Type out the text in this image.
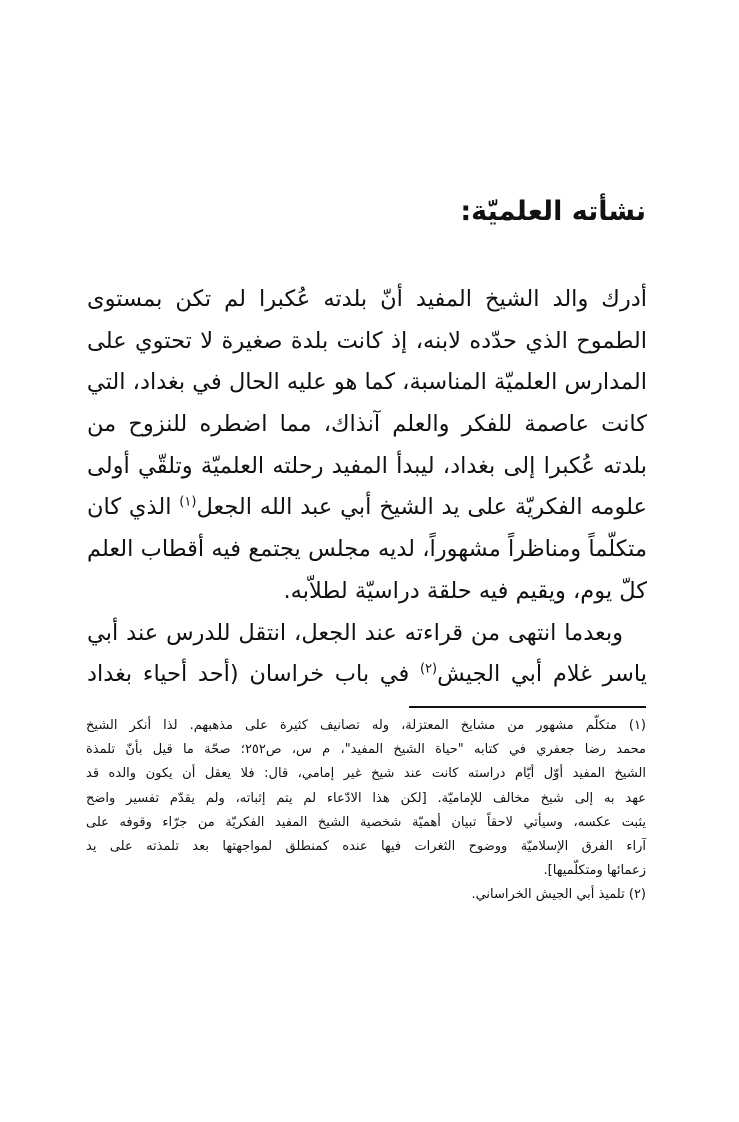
نشأته العلميّة:
أدرك والد الشيخ المفيد أنّ بلدته عُكبرا لم تكن بمستوى
الطموح الذي حدّده لابنه، إذ كانت بلدة صغيرة لا تحتوي على
المدارس العلميّة المناسبة، كما هو عليه الحال في بغداد، التي
كانت عاصمة للفكر والعلم آنذاك، مما اضطره للنزوح من
بلدته عُكبرا إلى بغداد، ليبدأ المفيد رحلته العلميّة وتلقّي أولى
علومه الفكريّة على يد الشيخ أبي عبد الله الجعل$^{(١)}$ الذي كان
متكلّماً ومناظراً مشهوراً، لديه مجلس يجتمع فيه أقطاب العلم
كلّ يوم، ويقيم فيه حلقة دراسيّة لطلاّبه.
وبعدما انتهى من قراءته عند الجعل، انتقل للدرس عند أبي
ياسر غلام أبي الجيش$^{(٢)}$ في باب خراسان (أحد أحياء بغداد
(١) متكلّم مشهور من مشايخ المعتزلة، وله تصانيف كثيرة على مذهبهم. لذا أنكر الشيخ
محمد رضا جعفري في كتابه "حياة الشيخ المفيد"، م س، ص٢٥٢؛ صحّة ما قيل بأنّ تلمذة
الشيخ المفيد أوّل أيّام دراسته كانت عند شيخ غير إمامي، قال: فلا يعقل أن يكون والده قد
عهد به إلى شيخ مخالف للإماميّة. [لكن هذا الادّعاء لم يتم إثباته، ولم يقدّم تفسير واضح
يثبت عكسه، وسيأتي لاحقاً تبيان أهميّة شخصية الشيخ المفيد الفكريّة من جرّاء وقوفه على
آراء الفرق الإسلاميّة ووضوح الثغرات فيها عنده كمنطلق لمواجهتها بعد تلمذته على يد
زعمائها ومتكلّميها].
(٢) تلميذ أبي الجيش الخراساني.
